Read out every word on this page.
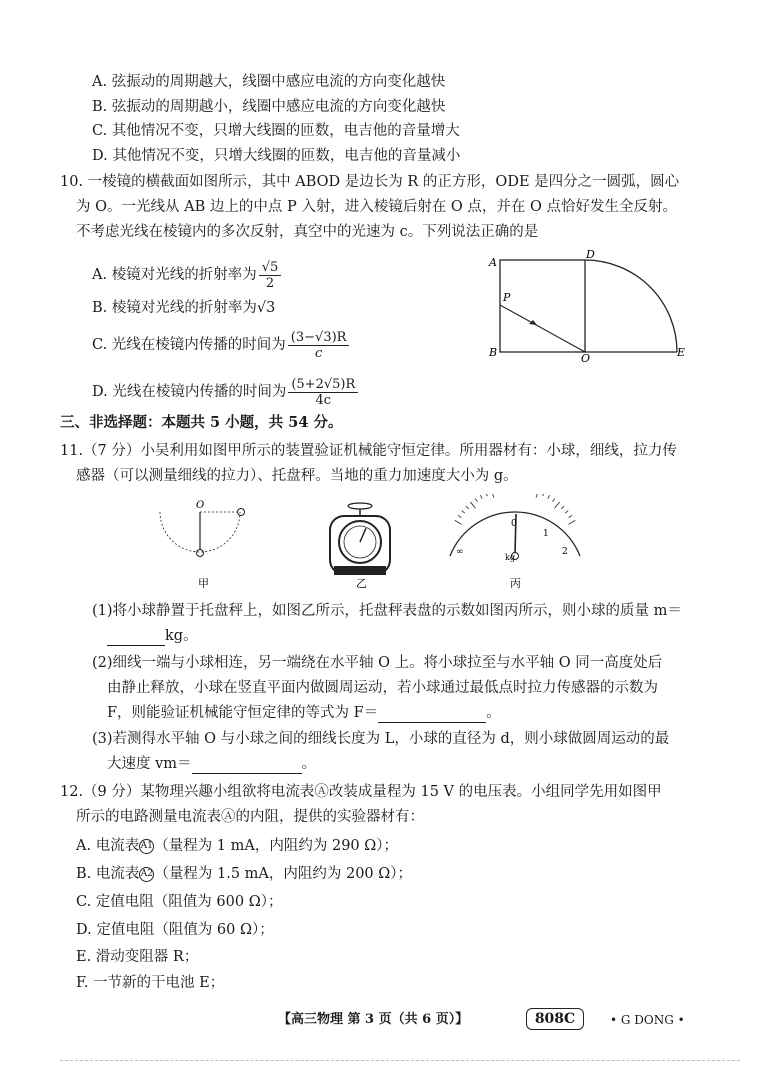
A. 弦振动的周期越大，线圈中感应电流的方向变化越快
B. 弦振动的周期越小，线圈中感应电流的方向变化越快
C. 其他情况不变，只增大线圈的匝数，电吉他的音量增大
D. 其他情况不变，只增大线圈的匝数，电吉他的音量减小
10. 一棱镜的横截面如图所示，其中 ABOD 是边长为 R 的正方形，ODE 是四分之一圆弧，圆心
为 O。一光线从 AB 边上的中点 P 入射，进入棱镜后射在 O 点，并在 O 点恰好发生全反射。
不考虑光线在棱镜内的多次反射，真空中的光速为 c。下列说法正确的是
A. 棱镜对光线的折射率为 $\frac{√5}{2}$
B. 棱镜对光线的折射率为√3
C. 光线在棱镜内传播的时间为 $\frac{(3-√3)R}{c}$
D. 光线在棱镜内传播的时间为 $\frac{(5+2√5)R}{4c}$
A
D
P
B	O	E
三、非选择题：本题共 5 小题，共 54 分。
11.（7 分）小吴利用如图甲所示的装置验证机械能守恒定律。所用器材有：小球，细线，拉力传
感器（可以测量细线的拉力）、托盘秤。当地的重力加速度大小为 g。
O
甲	乙
0
1
2
kg
∞
丙
(1)将小球静置于托盘秤上，如图乙所示，托盘秤表盘的示数如图丙所示，则小球的质量 m＝
kg。
(2)细线一端与小球相连，另一端绕在水平轴 O 上。将小球拉至与水平轴 O 同一高度处后
由静止释放，小球在竖直平面内做圆周运动，若小球通过最低点时拉力传感器的示数为
F，则能验证机械能守恒定律的等式为 F＝	。
(3)若测得水平轴 O 与小球之间的细线长度为 L，小球的直径为 d，则小球做圆周运动的最
大速度 vm＝	。
12.（9 分）某物理兴趣小组欲将电流表Ⓐ改装成量程为 15 V 的电压表。小组同学先用如图甲
所示的电路测量电流表Ⓐ的内阻，提供的实验器材有：
A. 电流表A1（量程为 1 mA，内阻约为 290 Ω）；
B. 电流表A2（量程为 1.5 mA，内阻约为 200 Ω）；
C. 定值电阻（阻值为 600 Ω）；
D. 定值电阻（阻值为 60 Ω）；
E. 滑动变阻器 R；
F. 一节新的干电池 E；
【高三物理 第 3 页（共 6 页）】	808C	• G DONG •
